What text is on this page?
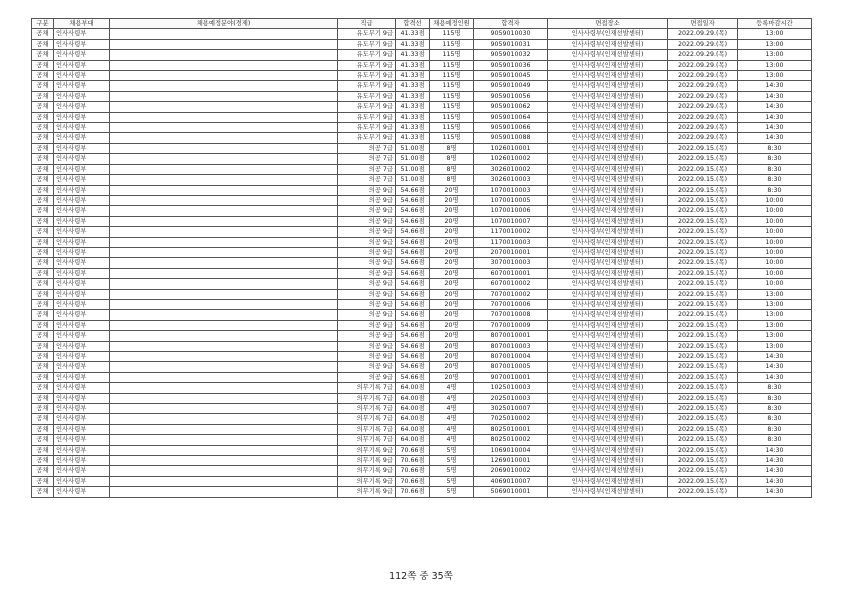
구분	채용부대	채용예정분야(경제)	직급	합격선	채용예정인원	합격자	면접장소	면접일자	등록마감시간
공채	인사사령부		유도무기 9급	41.33점	115명	9059010030	인사사령부(인재선발센터)	2022.09.29.(목)	13:00
공채	인사사령부		유도무기 9급	41.33점	115명	9059010031	인사사령부(인재선발센터)	2022.09.29.(목)	13:00
공채	인사사령부		유도무기 9급	41.33점	115명	9059010032	인사사령부(인재선발센터)	2022.09.29.(목)	13:00
공채	인사사령부		유도무기 9급	41.33점	115명	9059010036	인사사령부(인재선발센터)	2022.09.29.(목)	13:00
공채	인사사령부		유도무기 9급	41.33점	115명	9059010045	인사사령부(인재선발센터)	2022.09.29.(목)	13:00
공채	인사사령부		유도무기 9급	41.33점	115명	9059010049	인사사령부(인재선발센터)	2022.09.29.(목)	14:30
공채	인사사령부		유도무기 9급	41.33점	115명	9059010056	인사사령부(인재선발센터)	2022.09.29.(목)	14:30
공채	인사사령부		유도무기 9급	41.33점	115명	9059010062	인사사령부(인재선발센터)	2022.09.29.(목)	14:30
공채	인사사령부		유도무기 9급	41.33점	115명	9059010064	인사사령부(인재선발센터)	2022.09.29.(목)	14:30
공채	인사사령부		유도무기 9급	41.33점	115명	9059010066	인사사령부(인재선발센터)	2022.09.29.(목)	14:30
공채	인사사령부		유도무기 9급	41.33점	115명	9059010088	인사사령부(인재선발센터)	2022.09.29.(목)	14:30
공채	인사사령부		의공 7급	51.00점	8명	1026010001	인사사령부(인재선발센터)	2022.09.15.(목)	8:30
공채	인사사령부		의공 7급	51.00점	8명	1026010002	인사사령부(인재선발센터)	2022.09.15.(목)	8:30
공채	인사사령부		의공 7급	51.00점	8명	3026010002	인사사령부(인재선발센터)	2022.09.15.(목)	8:30
공채	인사사령부		의공 7급	51.00점	8명	3026010003	인사사령부(인재선발센터)	2022.09.15.(목)	8:30
공채	인사사령부		의공 9급	54.66점	20명	1070010003	인사사령부(인재선발센터)	2022.09.15.(목)	8:30
공채	인사사령부		의공 9급	54.66점	20명	1070010005	인사사령부(인재선발센터)	2022.09.15.(목)	10:00
공채	인사사령부		의공 9급	54.66점	20명	1070010006	인사사령부(인재선발센터)	2022.09.15.(목)	10:00
공채	인사사령부		의공 9급	54.66점	20명	1070010007	인사사령부(인재선발센터)	2022.09.15.(목)	10:00
공채	인사사령부		의공 9급	54.66점	20명	1170010002	인사사령부(인재선발센터)	2022.09.15.(목)	10:00
공채	인사사령부		의공 9급	54.66점	20명	1170010003	인사사령부(인재선발센터)	2022.09.15.(목)	10:00
공채	인사사령부		의공 9급	54.66점	20명	2070010001	인사사령부(인재선발센터)	2022.09.15.(목)	10:00
공채	인사사령부		의공 9급	54.66점	20명	3070010003	인사사령부(인재선발센터)	2022.09.15.(목)	10:00
공채	인사사령부		의공 9급	54.66점	20명	6070010001	인사사령부(인재선발센터)	2022.09.15.(목)	10:00
공채	인사사령부		의공 9급	54.66점	20명	6070010002	인사사령부(인재선발센터)	2022.09.15.(목)	10:00
공채	인사사령부		의공 9급	54.66점	20명	7070010002	인사사령부(인재선발센터)	2022.09.15.(목)	13:00
공채	인사사령부		의공 9급	54.66점	20명	7070010006	인사사령부(인재선발센터)	2022.09.15.(목)	13:00
공채	인사사령부		의공 9급	54.66점	20명	7070010008	인사사령부(인재선발센터)	2022.09.15.(목)	13:00
공채	인사사령부		의공 9급	54.66점	20명	7070010009	인사사령부(인재선발센터)	2022.09.15.(목)	13:00
공채	인사사령부		의공 9급	54.66점	20명	8070010001	인사사령부(인재선발센터)	2022.09.15.(목)	13:00
공채	인사사령부		의공 9급	54.66점	20명	8070010003	인사사령부(인재선발센터)	2022.09.15.(목)	13:00
공채	인사사령부		의공 9급	54.66점	20명	8070010004	인사사령부(인재선발센터)	2022.09.15.(목)	14:30
공채	인사사령부		의공 9급	54.66점	20명	8070010005	인사사령부(인재선발센터)	2022.09.15.(목)	14:30
공채	인사사령부		의공 9급	54.66점	20명	9070010001	인사사령부(인재선발센터)	2022.09.15.(목)	14:30
공채	인사사령부		의무기록 7급	64.00점	4명	1025010003	인사사령부(인재선발센터)	2022.09.15.(목)	8:30
공채	인사사령부		의무기록 7급	64.00점	4명	2025010003	인사사령부(인재선발센터)	2022.09.15.(목)	8:30
공채	인사사령부		의무기록 7급	64.00점	4명	3025010007	인사사령부(인재선발센터)	2022.09.15.(목)	8:30
공채	인사사령부		의무기록 7급	64.00점	4명	7025010002	인사사령부(인재선발센터)	2022.09.15.(목)	8:30
공채	인사사령부		의무기록 7급	64.00점	4명	8025010001	인사사령부(인재선발센터)	2022.09.15.(목)	8:30
공채	인사사령부		의무기록 7급	64.00점	4명	8025010002	인사사령부(인재선발센터)	2022.09.15.(목)	8:30
공채	인사사령부		의무기록 9급	70.66점	5명	1069010004	인사사령부(인재선발센터)	2022.09.15.(목)	14:30
공채	인사사령부		의무기록 9급	70.66점	5명	1269010001	인사사령부(인재선발센터)	2022.09.15.(목)	14:30
공채	인사사령부		의무기록 9급	70.66점	5명	2069010002	인사사령부(인재선발센터)	2022.09.15.(목)	14:30
공채	인사사령부		의무기록 9급	70.66점	5명	4069010007	인사사령부(인재선발센터)	2022.09.15.(목)	14:30
공채	인사사령부		의무기록 9급	70.66점	5명	5069010001	인사사령부(인재선발센터)	2022.09.15.(목)	14:30
112쪽 중 35쪽
